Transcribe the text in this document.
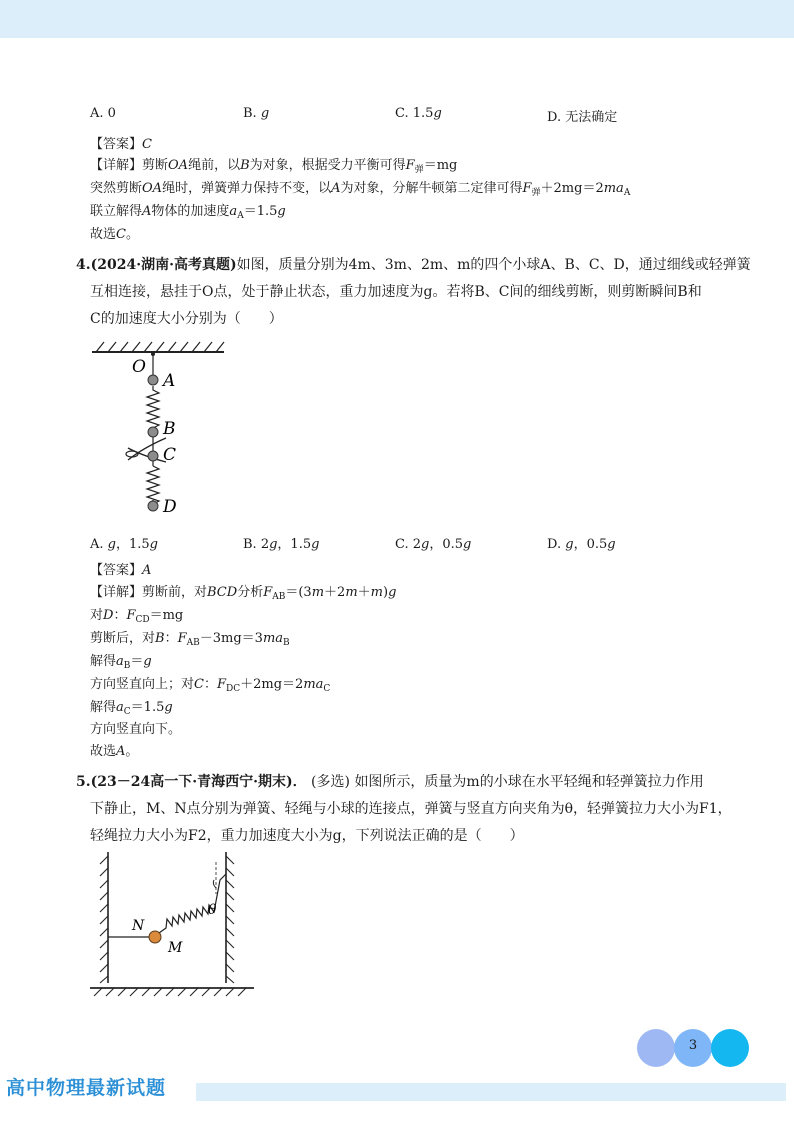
A. 0	B. g	C. 1.5g	D. 无法确定
【答案】C
【详解】剪断OA绳前，以B为对象，根据受力平衡可得$F_弹=mg$
突然剪断OA绳时，弹簧弹力保持不变，以A为对象，分解牛顿第二定律可得$F_弹+2mg=2ma_A$
联立解得A物体的加速度$a_A=1.5g$
故选C。
4.(2024·湖南·高考真题)如图，质量分别为4m、3m、2m、m的四个小球A、B、C、D，通过细线或轻弹簧
互相连接，悬挂于O点，处于静止状态，重力加速度为g。若将B、C间的细线剪断，则剪断瞬间B和
C的加速度大小分别为（　　）
O
A
B
C
D
A. g，1.5g	B. 2g，1.5g	C. 2g，0.5g	D. g，0.5g
【答案】A
【详解】剪断前，对BCD分析$F_{AB}=(3m+2m+m)g$
对D：$F_{CD}=mg$
剪断后，对B：$F_{AB}-3mg=3ma_B$
解得$a_B=g$
方向竖直向上；对C：$F_{DC}+2mg=2ma_C$
解得$a_C=1.5g$
方向竖直向下。
故选A。
5.(23－24高一下·青海西宁·期末)． (多选) 如图所示，质量为m的小球在水平轻绳和轻弹簧拉力作用
下静止，M、N点分别为弹簧、轻绳与小球的连接点，弹簧与竖直方向夹角为θ，轻弹簧拉力大小为F1，
轻绳拉力大小为F2，重力加速度大小为g，下列说法正确的是（　　）
N
M
θ
3
高中物理最新试题
